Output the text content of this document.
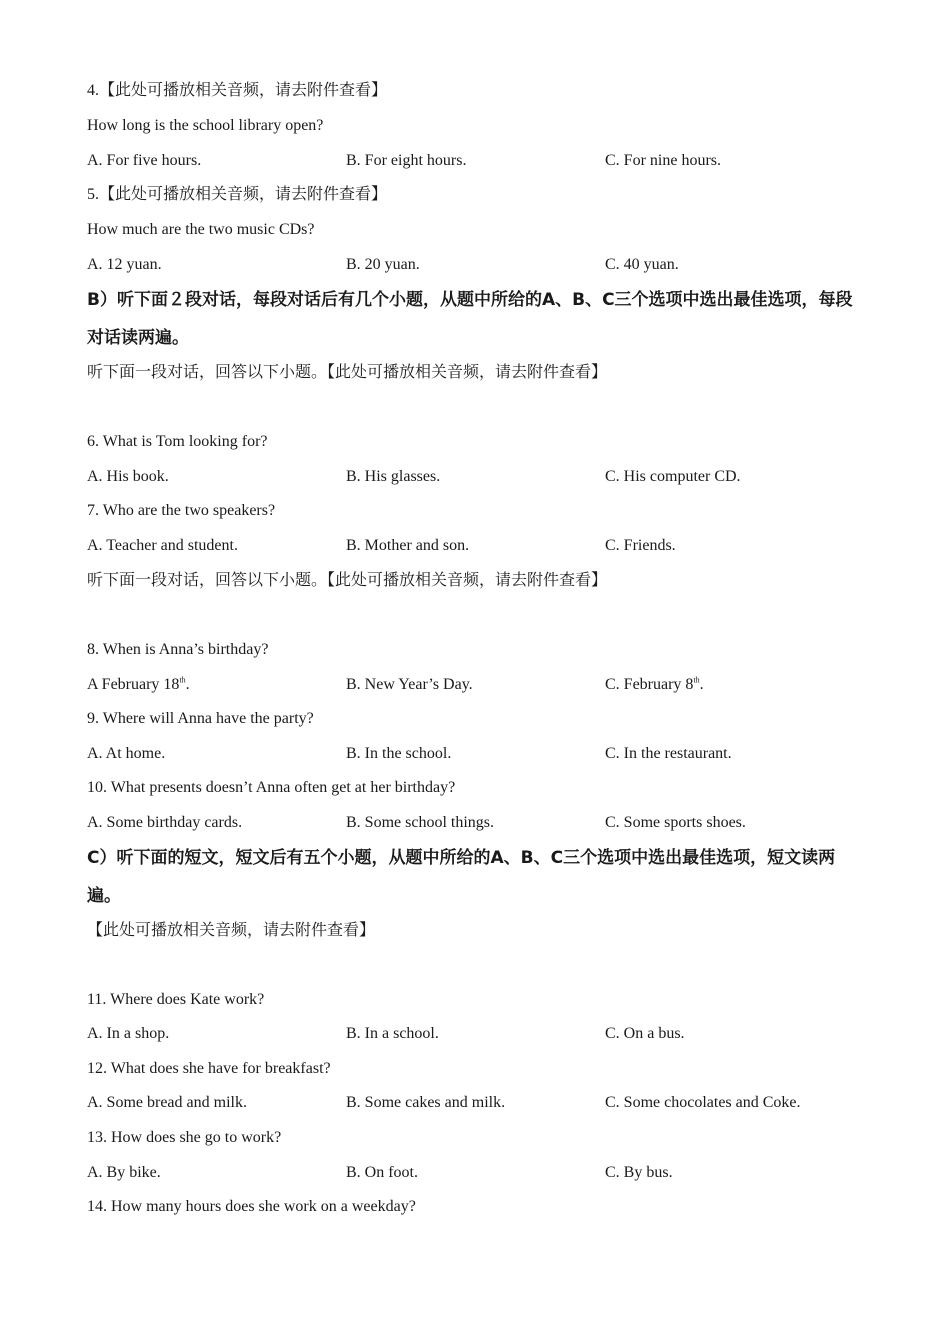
4.【此处可播放相关音频，请去附件查看】
How long is the school library open?
A. For five hours.	B. For eight hours.	C. For nine hours.
5.【此处可播放相关音频，请去附件查看】
How much are the two music CDs?
A. 12 yuan.	B. 20 yuan.	C. 40 yuan.
B）听下面２段对话，每段对话后有几个小题，从题中所给的A、B、C三个选项中选出最佳选项，每段对话读两遍。
听下面一段对话，回答以下小题。【此处可播放相关音频，请去附件查看】
6. What is Tom looking for?
A. His book.	B. His glasses.	C. His computer CD.
7. Who are the two speakers?
A. Teacher and student.	B. Mother and son.	C. Friends.
听下面一段对话，回答以下小题。【此处可播放相关音频，请去附件查看】
8. When is Anna’s birthday?
A February 18th.	B. New Year’s Day.	C. February 8th.
9. Where will Anna have the party?
A. At home.	B. In the school.	C. In the restaurant.
10. What presents doesn’t Anna often get at her birthday?
A. Some birthday cards.	B. Some school things.	C. Some sports shoes.
C）听下面的短文，短文后有五个小题，从题中所给的A、B、C三个选项中选出最佳选项，短文读两遍。
【此处可播放相关音频，请去附件查看】
11. Where does Kate work?
A. In a shop.	B. In a school.	C. On a bus.
12. What does she have for breakfast?
A. Some bread and milk.	B. Some cakes and milk.	C. Some chocolates and Coke.
13. How does she go to work?
A. By bike.	B. On foot.	C. By bus.
14. How many hours does she work on a weekday?
